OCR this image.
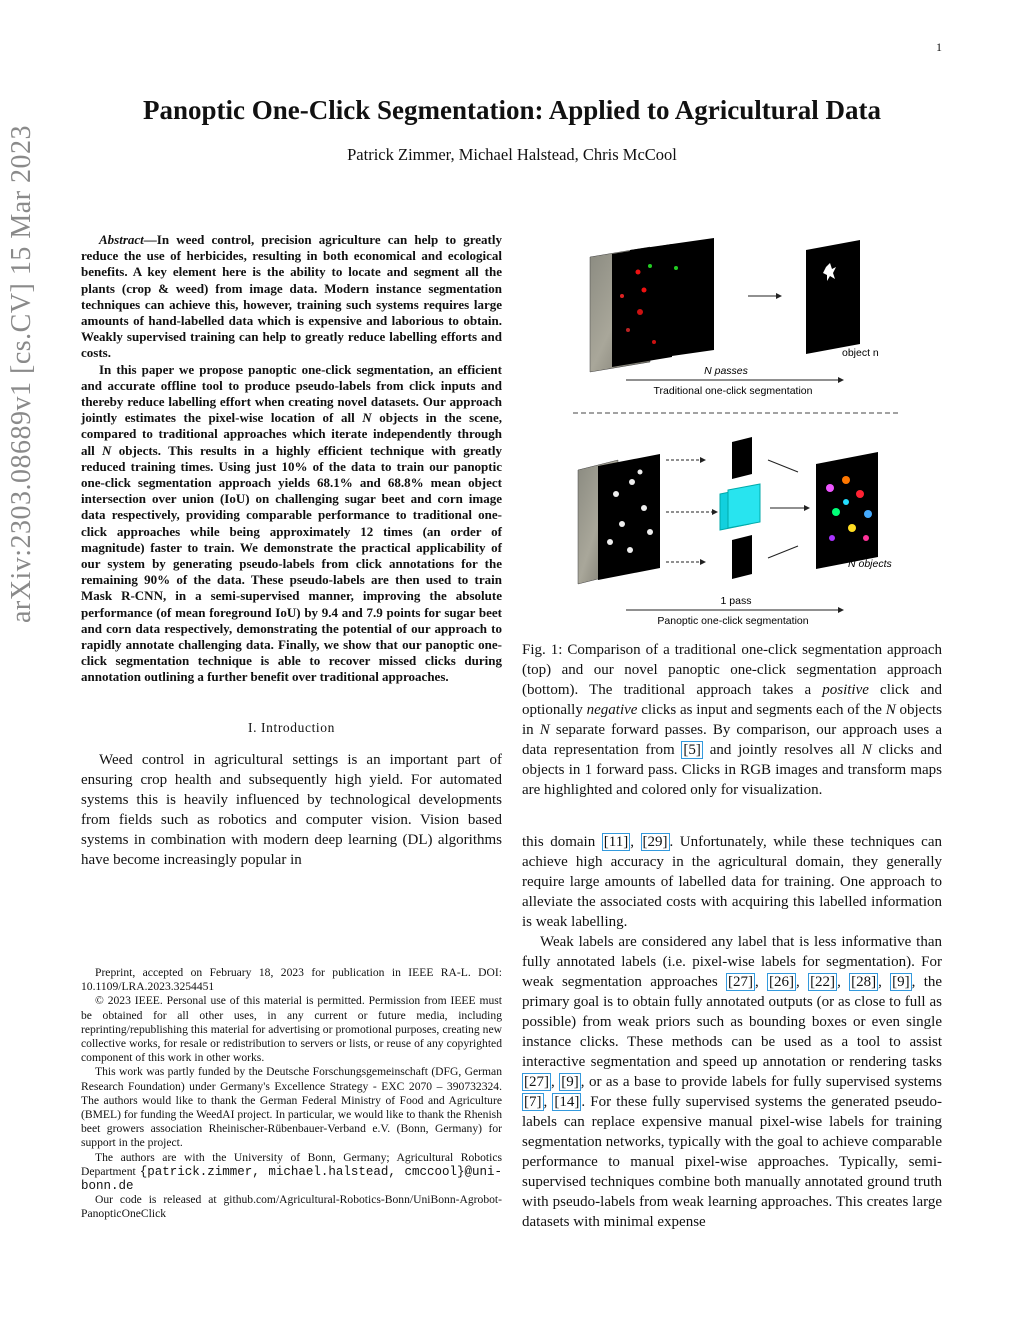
1
arXiv:2303.08689v1 [cs.CV] 15 Mar 2023
Panoptic One-Click Segmentation: Applied to Agricultural Data
Patrick Zimmer, Michael Halstead, Chris McCool

Abstract—In weed control, precision agriculture can help to greatly reduce the use of herbicides, resulting in both economical and ecological benefits. A key element here is the ability to locate and segment all the plants (crop & weed) from image data. Modern instance segmentation techniques can achieve this, however, training such systems requires large amounts of hand-labelled data which is expensive and laborious to obtain. Weakly supervised training can help to greatly reduce labelling efforts and costs.

In this paper we propose panoptic one-click segmentation, an efficient and accurate offline tool to produce pseudo-labels from click inputs and thereby reduce labelling effort when creating novel datasets. Our approach jointly estimates the pixel-wise location of all N objects in the scene, compared to traditional approaches which iterate independently through all N objects. This results in a highly efficient technique with greatly reduced training times. Using just 10% of the data to train our panoptic one-click segmentation approach yields 68.1% and 68.8% mean object intersection over union (IoU) on challenging sugar beet and corn image data respectively, providing comparable performance to traditional one-click approaches while being approximately 12 times (an order of magnitude) faster to train. We demonstrate the practical applicability of our system by generating pseudo-labels from click annotations for the remaining 90% of the data. These pseudo-labels are then used to train Mask R-CNN, in a semi-supervised manner, improving the absolute performance (of mean foreground IoU) by 9.4 and 7.9 points for sugar beet and corn data respectively, demonstrating the potential of our approach to rapidly annotate challenging data. Finally, we show that our panoptic one-click segmentation technique is able to recover missed clicks during annotation outlining a further benefit over traditional approaches.

I. Introduction

Weed control in agricultural settings is an important part of ensuring crop health and subsequently high yield. For automated systems this is heavily influenced by technological developments from fields such as robotics and computer vision. Vision based systems in combination with modern deep learning (DL) algorithms have become increasingly popular in

Preprint, accepted on February 18, 2023 for publication in IEEE RA-L. DOI: 10.1109/LRA.2023.3254451

© 2023 IEEE. Personal use of this material is permitted. Permission from IEEE must be obtained for all other uses, in any current or future media, including reprinting/republishing this material for advertising or promotional purposes, creating new collective works, for resale or redistribution to servers or lists, or reuse of any copyrighted component of this work in other works.

This work was partly funded by the Deutsche Forschungsgemeinschaft (DFG, German Research Foundation) under Germany's Excellence Strategy - EXC 2070 – 390732324. The authors would like to thank the German Federal Ministry of Food and Agriculture (BMEL) for funding the WeedAI project. In particular, we would like to thank the Rhenish beet growers association Rheinischer-Rübenbauer-Verband e.V. (Bonn, Germany) for support in the project.

The authors are with the University of Bonn, Germany; Agricultural Robotics Department {patrick.zimmer, michael.halstead, cmccool}@uni-bonn.de

Our code is released at github.com/Agricultural-Robotics-Bonn/UniBonn-Agrobot-PanopticOneClick

object n
N passes
Traditional one-click segmentation
N objects
1 pass
Panoptic one-click segmentation
Fig. 1: Comparison of a traditional one-click segmentation approach (top) and our novel panoptic one-click segmentation approach (bottom). The traditional approach takes a positive click and optionally negative clicks as input and segments each of the N objects in N separate forward passes. By comparison, our approach uses a data representation from [5] and jointly resolves all N clicks and objects in 1 forward pass. Clicks in RGB images and transform maps are highlighted and colored only for visualization.

this domain [11] , [29] . Unfortunately, while these techniques can achieve high accuracy in the agricultural domain, they generally require large amounts of labelled data for training. One approach to alleviate the associated costs with acquiring this labelled information is weak labelling.

Weak labels are considered any label that is less informative than fully annotated labels (i.e. pixel-wise labels for segmentation). For weak segmentation approaches [27] , [26] , [22] , [28] , [9] , the primary goal is to obtain fully annotated outputs (or as close to full as possible) from weak priors such as bounding boxes or even single instance clicks. These methods can be used as a tool to assist interactive segmentation and speed up annotation or rendering tasks [27] , [9] , or as a base to provide labels for fully supervised systems [7] , [14] . For these fully supervised systems the generated pseudo-labels can replace expensive manual pixel-wise labels for training segmentation networks, typically with the goal to achieve comparable performance to manual pixel-wise approaches. Typically, semi-supervised techniques combine both manually annotated ground truth with pseudo-labels from weak learning approaches. This creates large datasets with minimal expense
